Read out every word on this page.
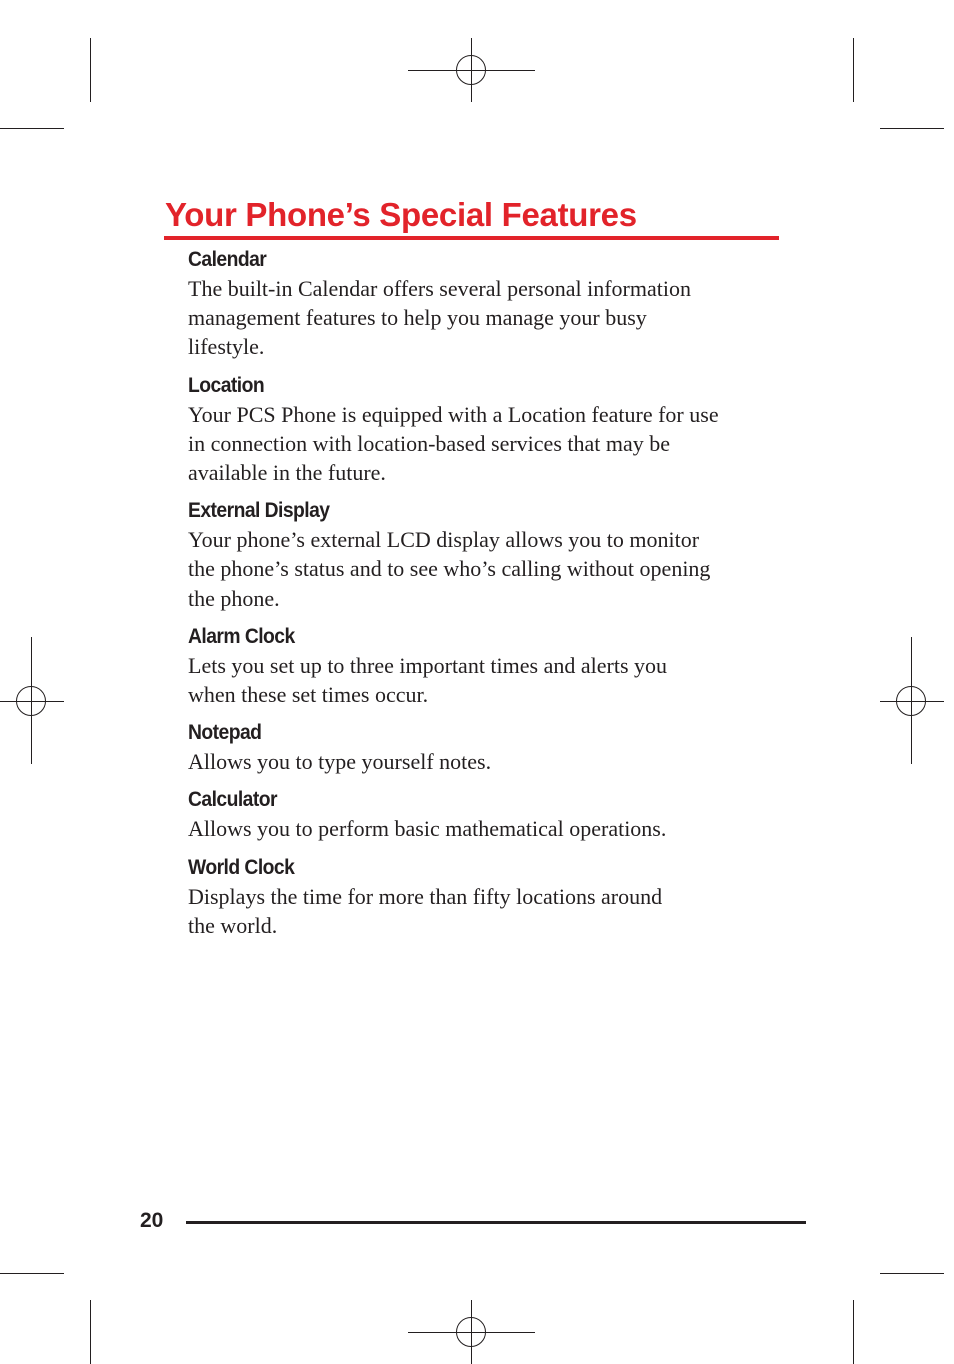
Your Phone’s Special Features
Calendar

The built-in Calendar offers several personal information
management features to help you manage your busy
lifestyle.

Location

Your PCS Phone is equipped with a Location feature for use
in connection with location-based services that may be
available in the future.

External Display

Your phone’s external LCD display allows you to monitor
the phone’s status and to see who’s calling without opening
the phone.

Alarm Clock

Lets you set up to three important times and alerts you
when these set times occur.

Notepad

Allows you to type yourself notes.

Calculator

Allows you to perform basic mathematical operations.

World Clock

Displays the time for more than fifty locations around
the world.

20
